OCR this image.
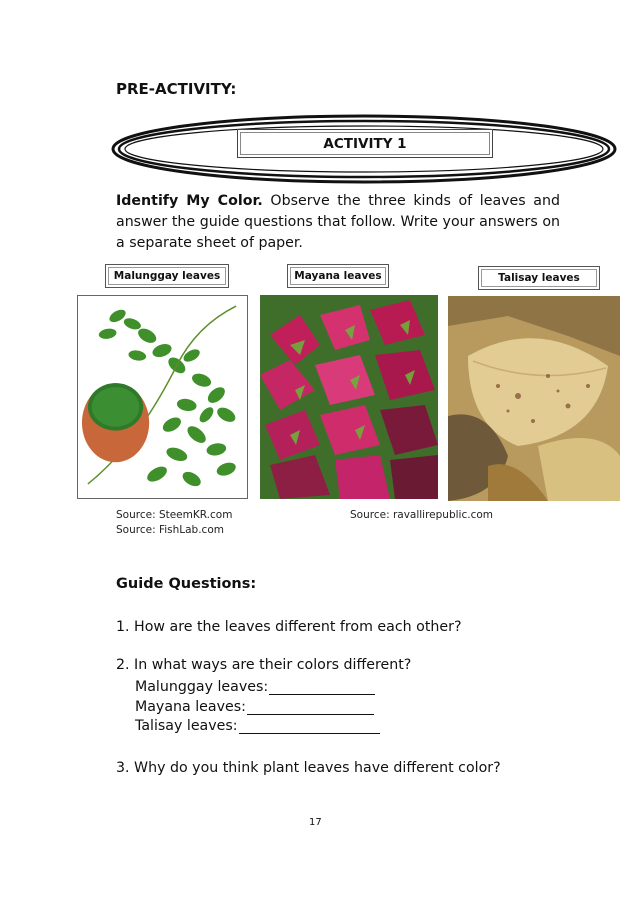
PRE-ACTIVITY:
ACTIVITY 1
Identify My Color. Observe the three kinds of leaves and answer the guide questions that follow. Write your answers on a separate sheet of paper.
Malunggay leaves	Mayana leaves	Talisay leaves
Source: SteemKR.com
Source: FishLab.com
Source: ravallirepublic.com
Guide Questions:
1. How are the leaves different from each other?
2. In what ways are their colors different?
Malunggay leaves:
Mayana leaves:
Talisay leaves:
3. Why do you think plant leaves have different color?
17
